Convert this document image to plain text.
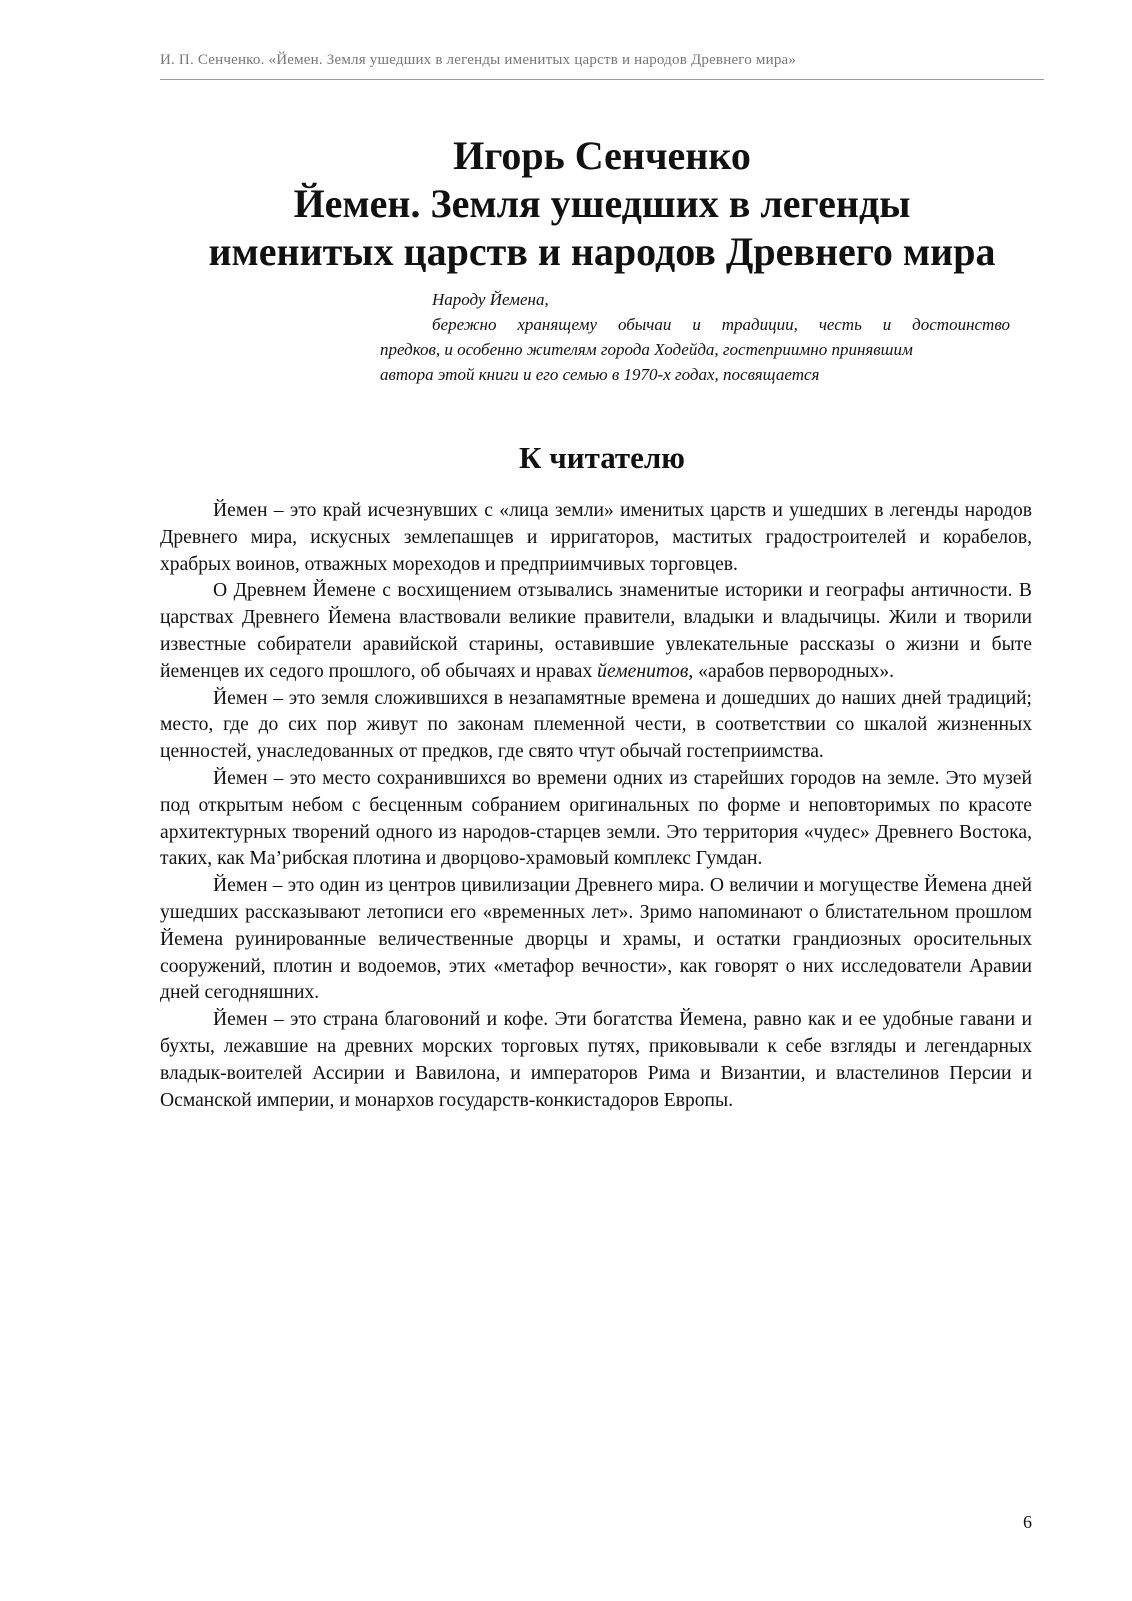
И. П. Сенченко. «Йемен. Земля ушедших в легенды именитых царств и народов Древнего мира»
Игорь Сенченко
Йемен. Земля ушедших в легенды
именитых царств и народов Древнего мира
Народу Йемена,
бережно хранящему обычаи и традиции, честь и достоинство
предков, и особенно жителям города Ходейда, гостеприимно принявшим
автора этой книги и его семью в 1970-х годах, посвящается
К читателю

Йемен – это край исчезнувших с «лица земли» именитых царств и ушедших в легенды народов Древнего мира, искусных землепашцев и ирригаторов, маститых градостроителей и корабелов, храбрых воинов, отважных мореходов и предприимчивых торговцев.

О Древнем Йемене с восхищением отзывались знаменитые историки и географы античности. В царствах Древнего Йемена властвовали великие правители, владыки и владычицы. Жили и творили известные собиратели аравийской старины, оставившие увлекательные рассказы о жизни и быте йеменцев их седого прошлого, об обычаях и нравах йеменитов, «арабов первородных».

Йемен – это земля сложившихся в незапамятные времена и дошедших до наших дней традиций; место, где до сих пор живут по законам племенной чести, в соответствии со шкалой жизненных ценностей, унаследованных от предков, где свято чтут обычай гостеприимства.

Йемен – это место сохранившихся во времени одних из старейших городов на земле. Это музей под открытым небом с бесценным собранием оригинальных по форме и неповторимых по красоте архитектурных творений одного из народов-старцев земли. Это территория «чудес» Древнего Востока, таких, как Ма’рибская плотина и дворцово-храмовый комплекс Гумдан.

Йемен – это один из центров цивилизации Древнего мира. О величии и могуществе Йемена дней ушедших рассказывают летописи его «временных лет». Зримо напоминают о блистательном прошлом Йемена руинированные величественные дворцы и храмы, и остатки грандиозных оросительных сооружений, плотин и водоемов, этих «метафор вечности», как говорят о них исследователи Аравии дней сегодняшних.

Йемен – это страна благовоний и кофе. Эти богатства Йемена, равно как и ее удобные гавани и бухты, лежавшие на древних морских торговых путях, приковывали к себе взгляды и легендарных владык-воителей Ассирии и Вавилона, и императоров Рима и Византии, и властелинов Персии и Османской империи, и монархов государств-конкистадоров Европы.

6
